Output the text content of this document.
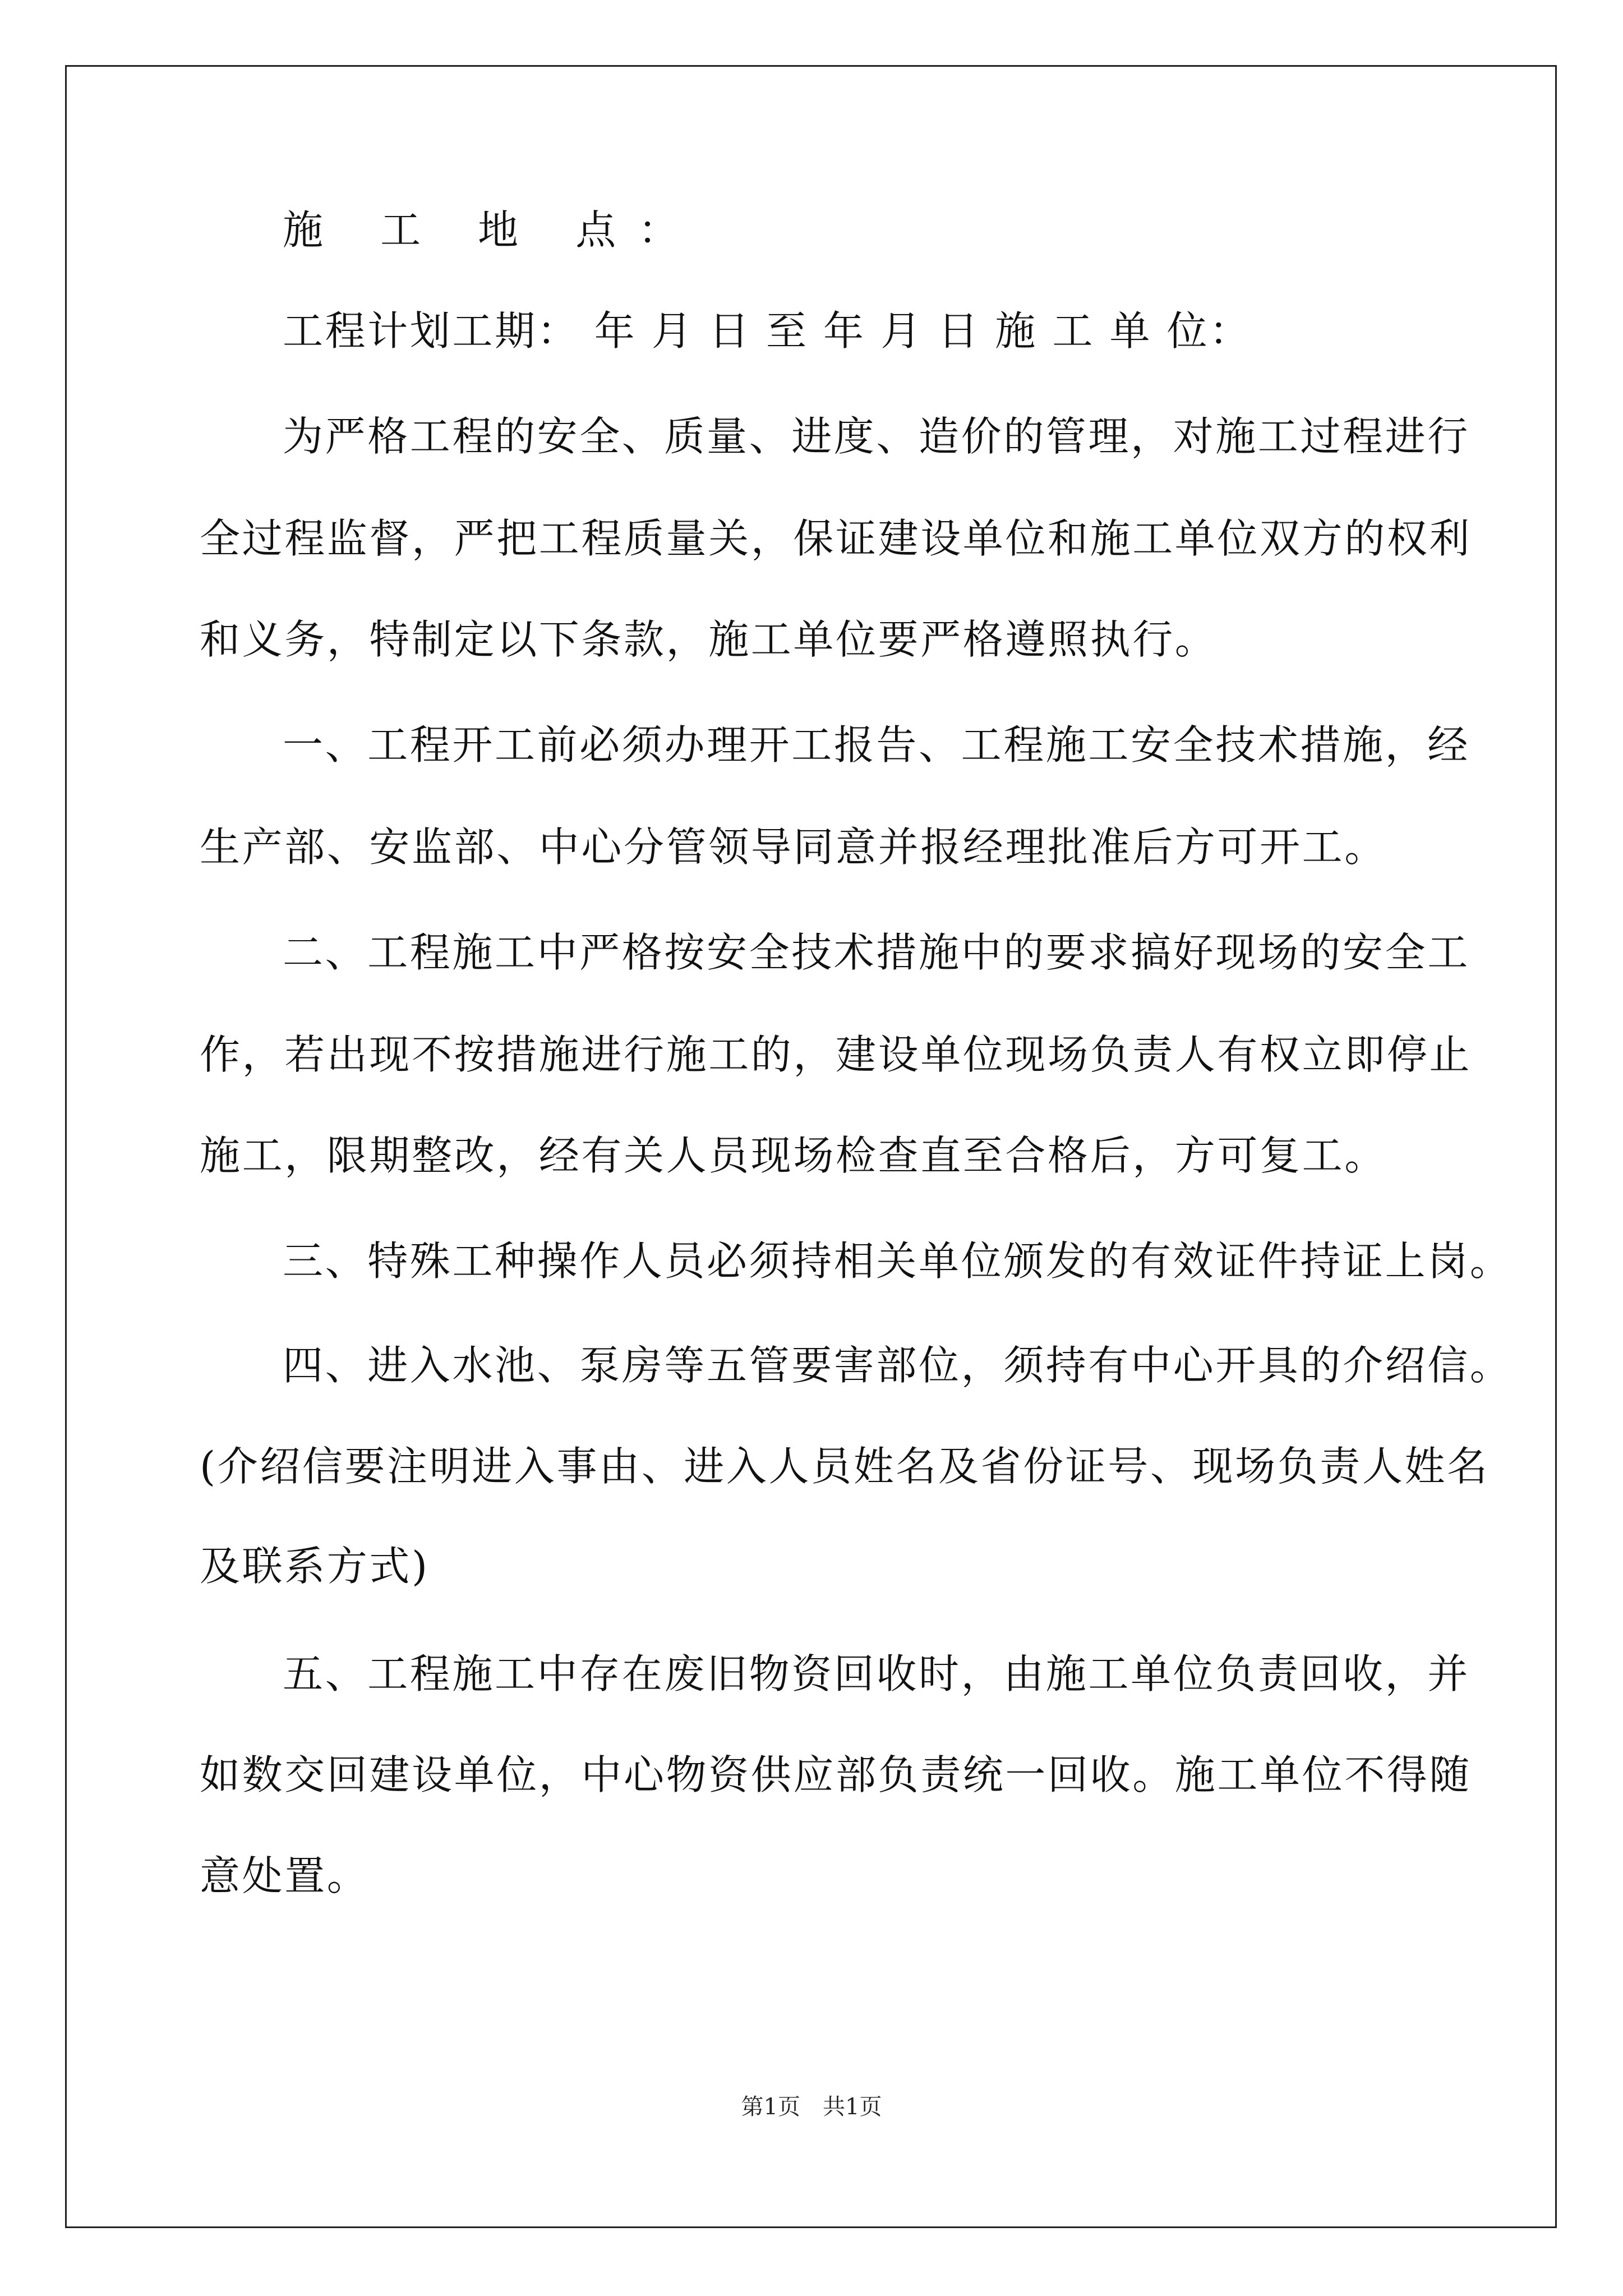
施 工 地 点：
工程计划工期： 年 月 日 至 年 月 日 施 工 单 位：
为严格工程的安全、质量、进度、造价的管理，对施工过程进行
全过程监督，严把工程质量关，保证建设单位和施工单位双方的权利
和义务，特制定以下条款，施工单位要严格遵照执行。
一、工程开工前必须办理开工报告、工程施工安全技术措施，经
生产部、安监部、中心分管领导同意并报经理批准后方可开工。
二、工程施工中严格按安全技术措施中的要求搞好现场的安全工
作，若出现不按措施进行施工的，建设单位现场负责人有权立即停止
施工，限期整改，经有关人员现场检查直至合格后，方可复工。
三、特殊工种操作人员必须持相关单位颁发的有效证件持证上岗。
四、进入水池、泵房等五管要害部位，须持有中心开具的介绍信。
(介绍信要注明进入事由、进入人员姓名及省份证号、现场负责人姓名
及联系方式)
五、工程施工中存在废旧物资回收时，由施工单位负责回收，并
如数交回建设单位，中心物资供应部负责统一回收。施工单位不得随
意处置。
第1页　共1页
